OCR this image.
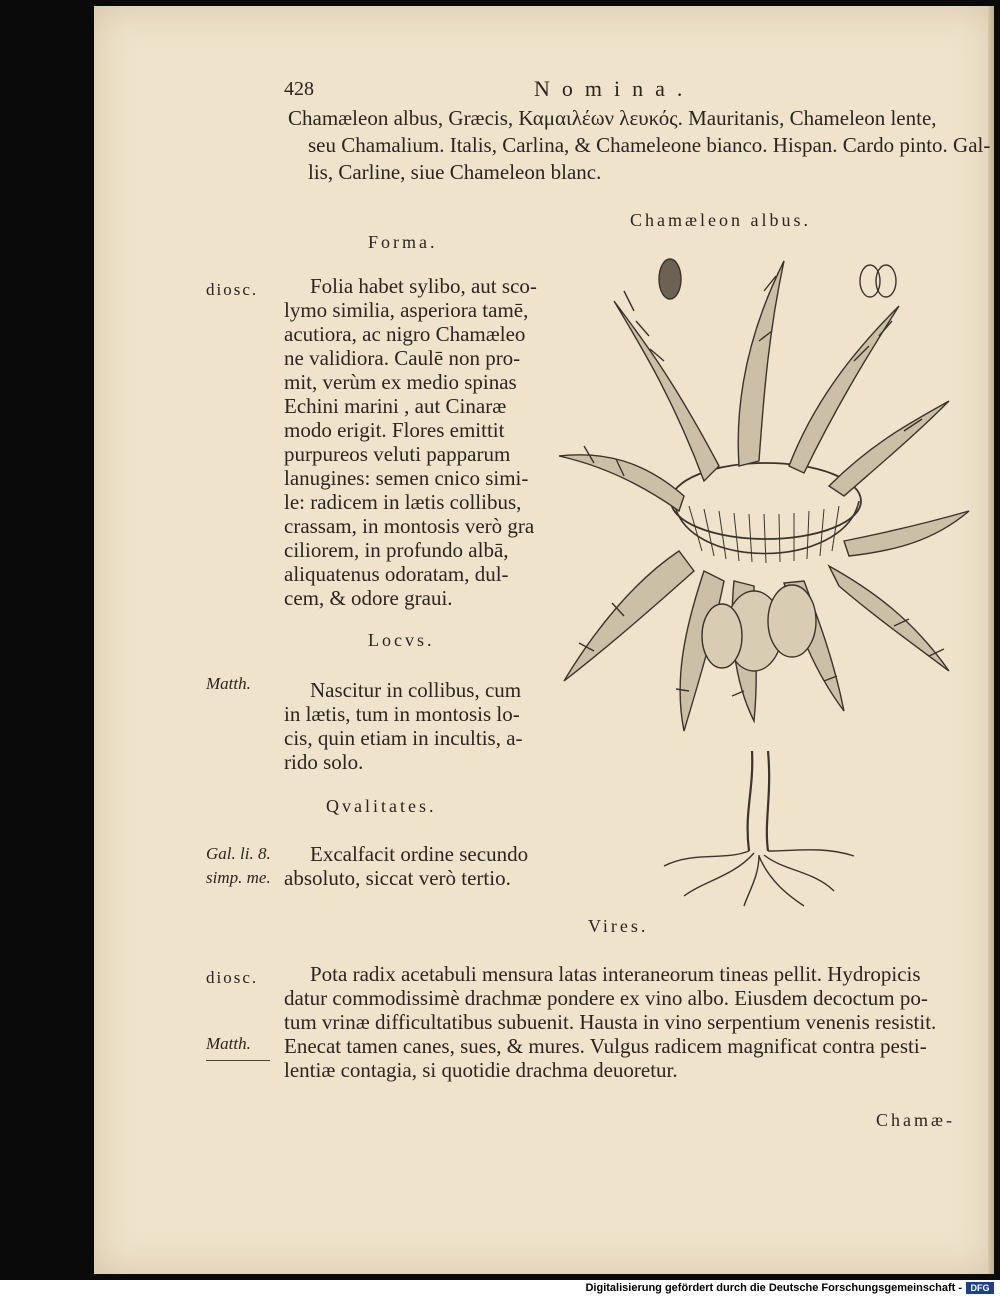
428	Nomina.
Chamæleon albus, Græcis, Καμαιλέων λευκός. Mauritanis, Chameleon lente,
seu Chamalium. Italis, Carlina, & Chameleone bianco. Hispan. Cardo pinto. Gal-
lis, Carline, siue Chameleon blanc.
Chamæleon albus.
Forma.
diosc. Folia habet sylibo, aut sco-
lymo similia, asperiora tamē,
acutiora, ac nigro Chamæleo
ne validiora. Caulē non pro-
mit, verùm ex medio spinas
Echini marini , aut Cinaræ
modo erigit. Flores emittit
purpureos veluti papparum
lanugines: semen cnico simi-
le: radicem in lætis collibus,
crassam, in montosis verò gra
ciliorem, in profundo albā,
aliquatenus odoratam, dul-
cem, & odore graui.
Locvs.
Matth.	Nascitur in collibus, cum
in lætis, tum in montosis lo-
cis, quin etiam in incultis, a-
rido solo.
Qvalitates.
Gal. li. 8.
simp. me.
Excalfacit ordine secundo
absoluto, siccat verò tertio.
Vires.
diosc.
Matth.
Pota radix acetabuli mensura latas interaneorum tineas pellit. Hydropicis
datur commodissimè drachmæ pondere ex vino albo. Eiusdem decoctum po-
tum vrinæ difficultatibus subuenit. Hausta in vino serpentium venenis resistit.
Enecat tamen canes, sues, & mures. Vulgus radicem magnificat contra pesti-
lentiæ contagia, si quotidie drachma deuoretur.
Chamæ-
Digitalisierung gefördert durch die Deutsche Forschungsgemeinschaft - DFG
